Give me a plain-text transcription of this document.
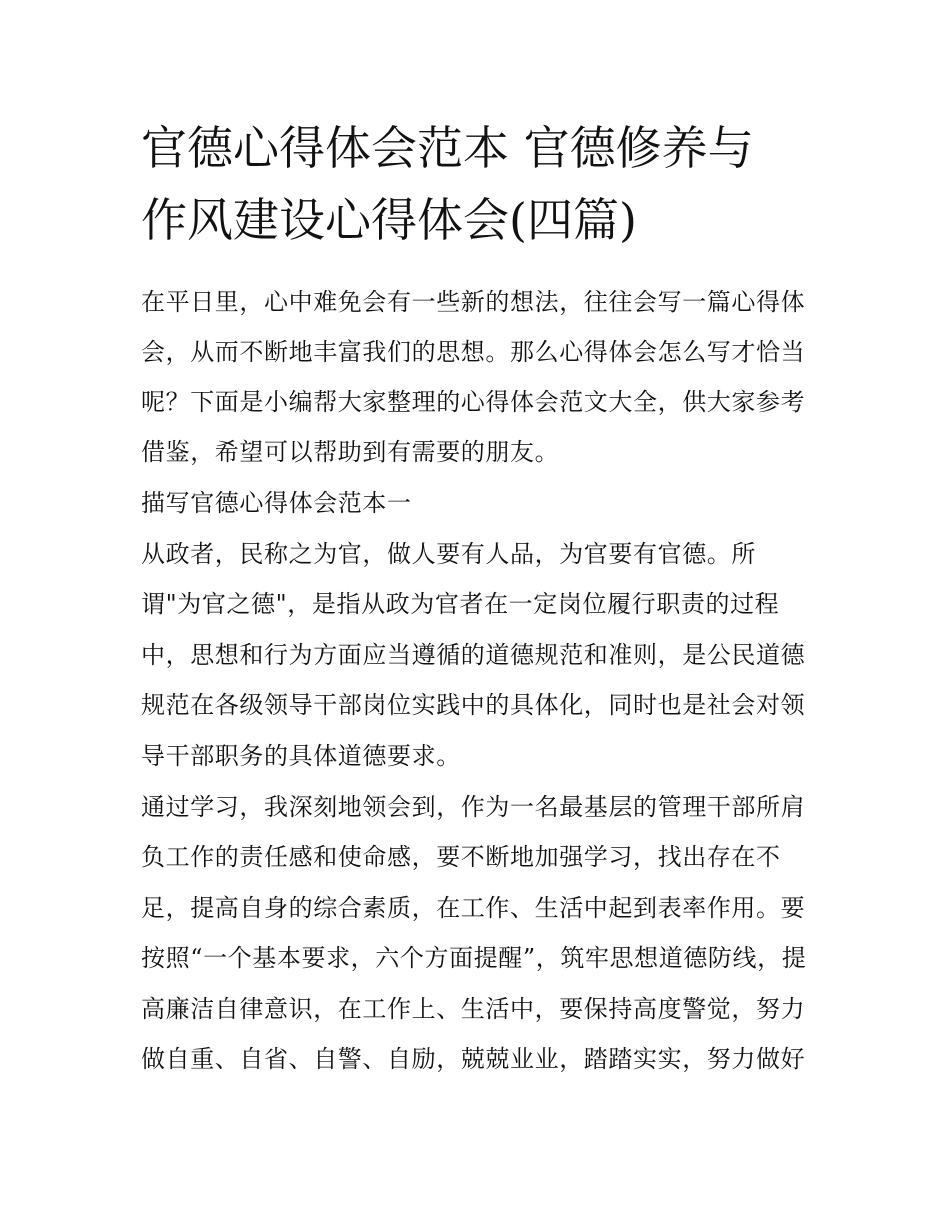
官德心得体会范本 官德修养与
作风建设心得体会(四篇)

在平日里，心中难免会有一些新的想法，往往会写一篇心得体

会，从而不断地丰富我们的思想。那么心得体会怎么写才恰当

呢？下面是小编帮大家整理的心得体会范文大全，供大家参考

借鉴，希望可以帮助到有需要的朋友。

描写官德心得体会范本一

从政者，民称之为官，做人要有人品，为官要有官德。所

谓"为官之德"，是指从政为官者在一定岗位履行职责的过程

中，思想和行为方面应当遵循的道德规范和准则，是公民道德

规范在各级领导干部岗位实践中的具体化，同时也是社会对领

导干部职务的具体道德要求。

通过学习，我深刻地领会到，作为一名最基层的管理干部所肩

负工作的责任感和使命感，要不断地加强学习，找出存在不

足，提高自身的综合素质，在工作、生活中起到表率作用。要

按照“一个基本要求，六个方面提醒”，筑牢思想道德防线，提

高廉洁自律意识，在工作上、生活中，要保持高度警觉，努力

做自重、自省、自警、自励，兢兢业业，踏踏实实，努力做好
